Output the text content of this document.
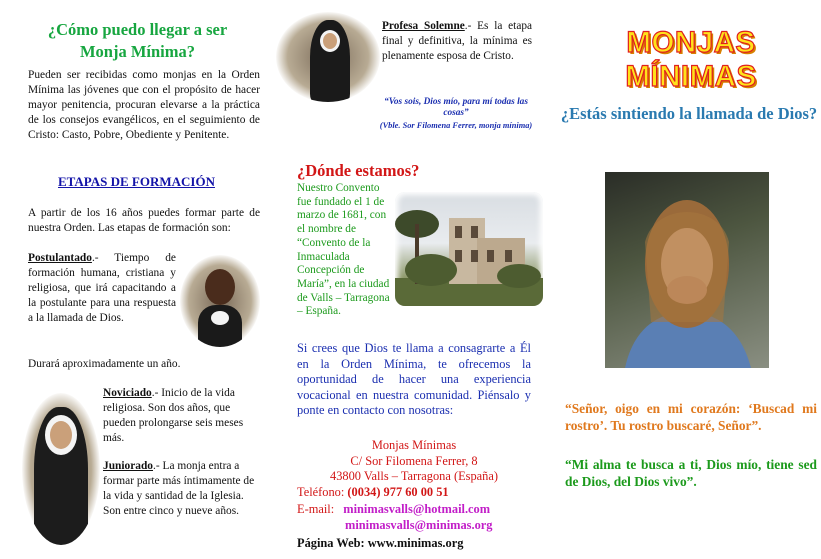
¿Cómo puedo llegar a ser Monja Mínima?
Pueden ser recibidas como monjas en la Orden Mínima las jóvenes que con el propósito de hacer mayor penitencia, procuran elevarse a la práctica de los consejos evangélicos, en el seguimiento de Cristo: Casto, Pobre, Obediente y Penitente.
ETAPAS DE FORMACIÓN
A partir de los 16 años puedes formar parte de nuestra Orden. Las etapas de formación son:
Postulantado.- Tiempo de formación humana, cristiana y religiosa, que irá capacitando a la postulante para una respuesta a la llamada de Dios.
Durará aproximadamente un año.
Noviciado.- Inicio de la vida religiosa. Son dos años, que pueden prolongarse seis meses más.
Juniorado.- La monja entra a formar parte más íntimamente de la vida y santidad de la Iglesia. Son entre cinco y nueve años.
Profesa Solemne.- Es la etapa final y definitiva, la mínima es plenamente esposa de Cristo.
“Vos sois, Dios mío, para mí todas las cosas”
(Vble. Sor Filomena Ferrer, monja mínima)
¿Dónde estamos?
Nuestro Convento fue fundado el 1 de marzo de 1681, con el nombre de “Convento de la Inmaculada Concepción de María”, en la ciudad de Valls – Tarragona – España.
Si crees que Dios te llama a consagrarte a Él en la Orden Mínima, te ofrecemos la oportunidad de hacer una experiencia vocacional en nuestra comunidad. Piénsalo y ponte en contacto con nosotras:
Monjas Mínimas
C/ Sor Filomena Ferrer, 8
43800 Valls – Tarragona (España)
Teléfono: (0034) 977 60 00 51
E-mail: minimasvalls@hotmail.com
minimasvalls@minimas.org
Página Web: www.minimas.org
MONJAS MÍNIMAS
¿Estás sintiendo la llamada de Dios?
“Señor, oigo en mi corazón: ‘Buscad mi rostro’. Tu rostro buscaré, Señor”.
“Mi alma te busca a ti, Dios mío, tiene sed de Dios, del Dios vivo”.
